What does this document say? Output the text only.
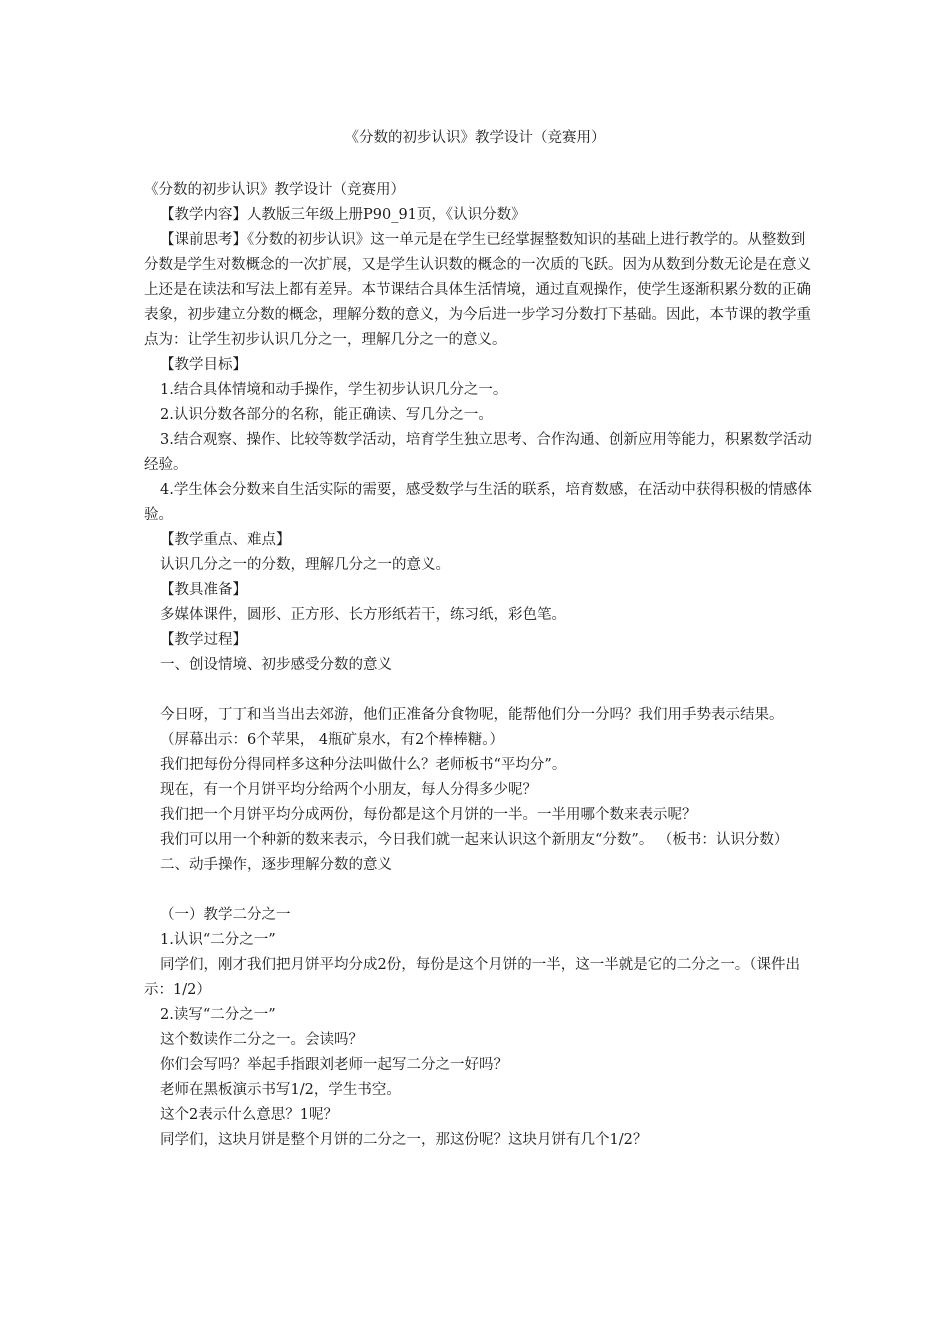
《分数的初步认识》教学设计（竞赛用）

《分数的初步认识》教学设计（竞赛用）

【教学内容】人教版三年级上册P90_91页，《认识分数》

【课前思考】《分数的初步认识》这一单元是在学生已经掌握整数知识的基础上进行教学的。从整数到分数是学生对数概念的一次扩展，又是学生认识数的概念的一次质的飞跃。因为从数到分数无论是在意义上还是在读法和写法上都有差异。本节课结合具体生活情境，通过直观操作，使学生逐渐积累分数的正确表象，初步建立分数的概念，理解分数的意义，为今后进一步学习分数打下基础。因此，本节课的教学重点为：让学生初步认识几分之一，理解几分之一的意义。

【教学目标】

1.结合具体情境和动手操作，学生初步认识几分之一。

2.认识分数各部分的名称，能正确读、写几分之一。

3.结合观察、操作、比较等数学活动，培育学生独立思考、合作沟通、创新应用等能力，积累数学活动经验。

4.学生体会分数来自生活实际的需要，感受数学与生活的联系，培育数感，在活动中获得积极的情感体验。

【教学重点、难点】

认识几分之一的分数，理解几分之一的意义。

【教具准备】

多媒体课件，圆形、正方形、长方形纸若干，练习纸，彩色笔。

【教学过程】

一、创设情境、初步感受分数的意义

今日呀，丁丁和当当出去郊游，他们正准备分食物呢，能帮他们分一分吗？我们用手势表示结果。

（屏幕出示：6个苹果， 4瓶矿泉水，有2个棒棒糖。）

我们把每份分得同样多这种分法叫做什么？老师板书“平均分”。

现在，有一个月饼平均分给两个小朋友，每人分得多少呢？

我们把一个月饼平均分成两份，每份都是这个月饼的一半。一半用哪个数来表示呢？

我们可以用一个种新的数来表示，今日我们就一起来认识这个新朋友“分数”。 （板书：认识分数）

二、动手操作，逐步理解分数的意义

（一）教学二分之一

1.认识“二分之一”

同学们，刚才我们把月饼平均分成2份，每份是这个月饼的一半，这一半就是它的二分之一。（课件出示：1/2）

2.读写“二分之一”

这个数读作二分之一。会读吗？

你们会写吗？举起手指跟刘老师一起写二分之一好吗？

老师在黑板演示书写1/2，学生书空。

这个2表示什么意思？1呢？

同学们，这块月饼是整个月饼的二分之一，那这份呢？这块月饼有几个1/2？
